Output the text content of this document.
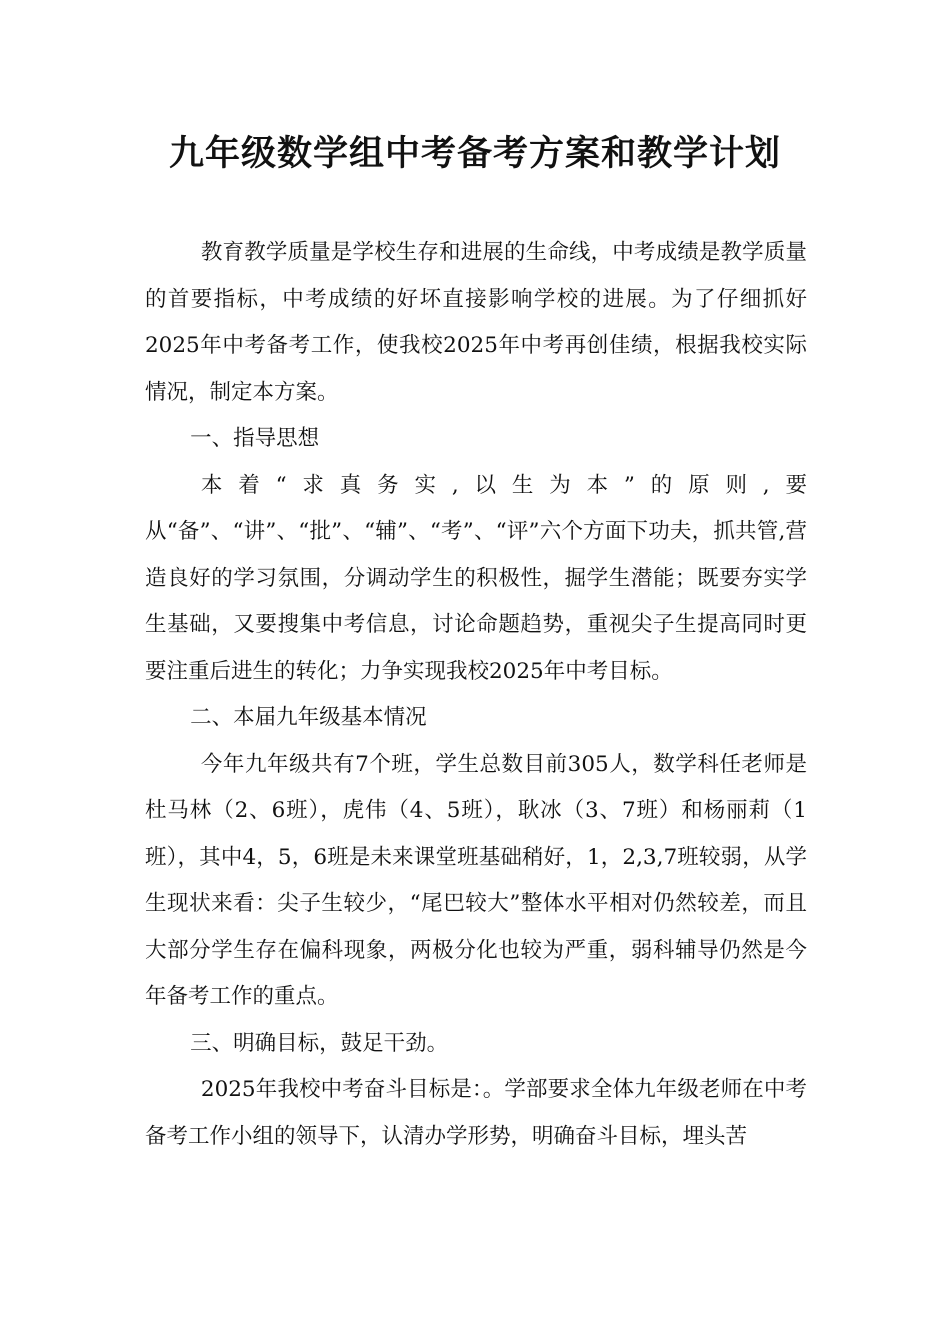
九年级数学组中考备考方案和教学计划

教育教学质量是学校生存和进展的生命线，中考成绩是教学质量的首要指标，中考成绩的好坏直接影响学校的进展。为了仔细抓好2025年中考备考工作，使我校2025年中考再创佳绩，根据我校实际情况，制定本方案。

一、指导思想

本着“求真务实,以生为本”的原则,要从“备”、“讲”、“批”、“辅”、“考”、“评”六个方面下功夫，抓共管,营造良好的学习氛围，分调动学生的积极性，掘学生潜能；既要夯实学生基础，又要搜集中考信息，讨论命题趋势，重视尖子生提高同时更要注重后进生的转化；力争实现我校2025年中考目标。

二、本届九年级基本情况

今年九年级共有7个班，学生总数目前305人，数学科任老师是杜马林（2、6班），虎伟（4、5班），耿冰（3、7班）和杨丽莉（1班），其中4，5，6班是未来课堂班基础稍好，1，2,3,7班较弱，从学生现状来看：尖子生较少，“尾巴较大”整体水平相对仍然较差，而且大部分学生存在偏科现象，两极分化也较为严重，弱科辅导仍然是今年备考工作的重点。

三、明确目标，鼓足干劲。

2025年我校中考奋斗目标是：。学部要求全体九年级老师在中考备考工作小组的领导下，认清办学形势，明确奋斗目标，埋头苦
